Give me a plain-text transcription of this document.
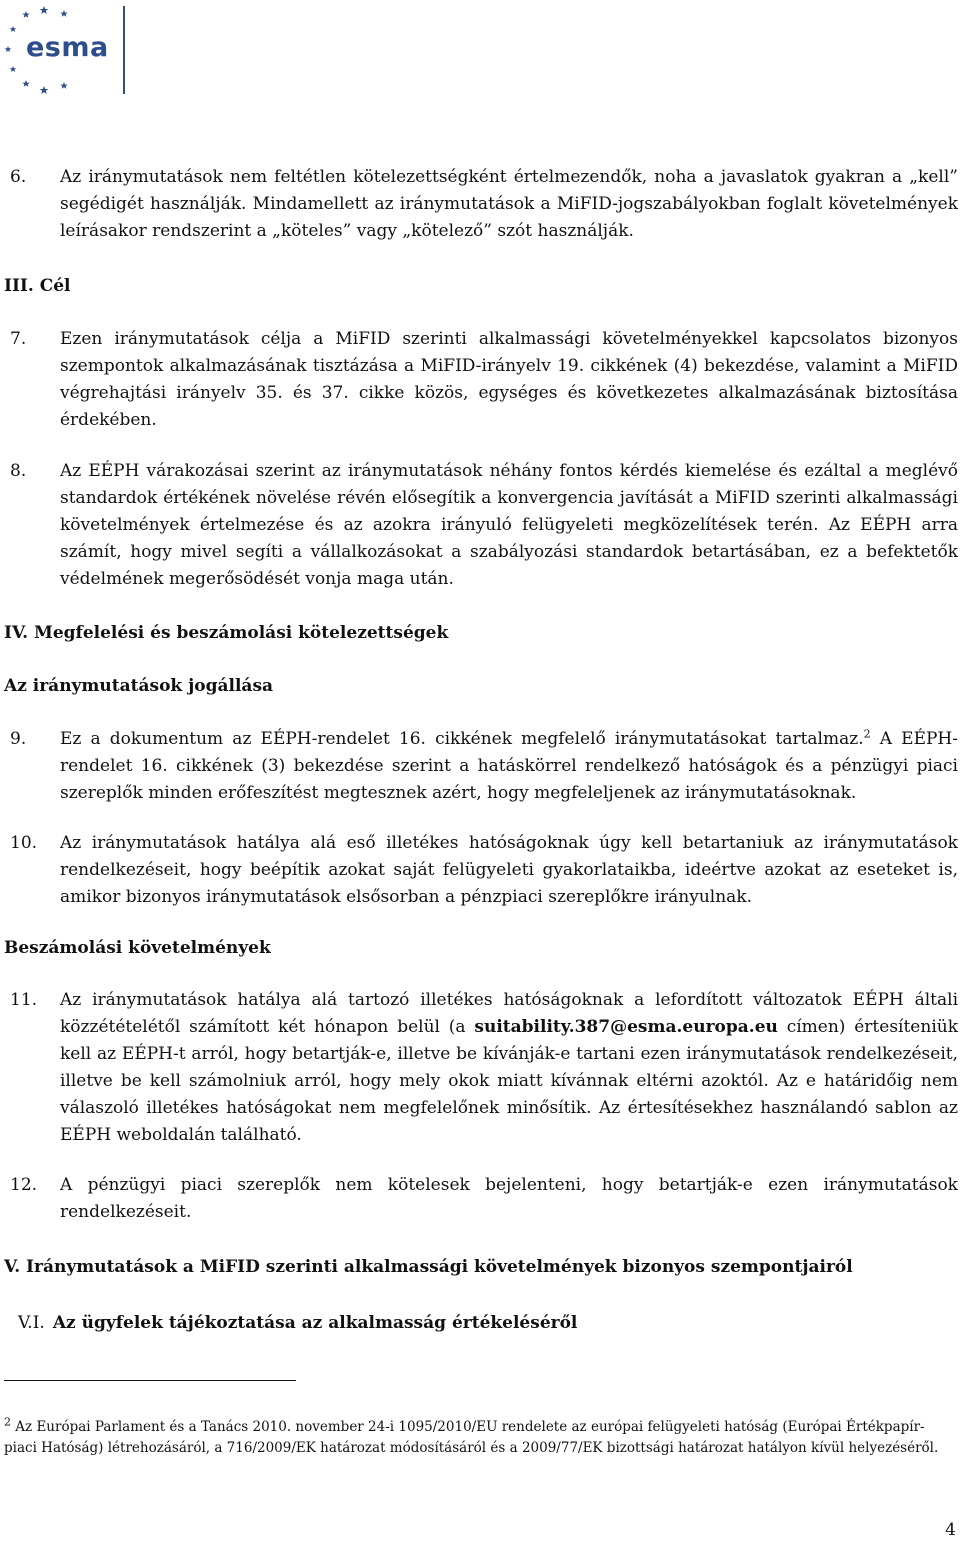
esma
6. Az iránymutatások nem feltétlen kötelezettségként értelmezendők, noha a javaslatok gyakran a „kell” segédigét használják. Mindamellett az iránymutatások a MiFID-jogszabályokban foglalt követelmények leírásakor rendszerint a „köteles” vagy „kötelező” szót használják.
III. Cél
7. Ezen iránymutatások célja a MiFID szerinti alkalmassági követelményekkel kapcsolatos bizonyos szempontok alkalmazásának tisztázása a MiFID-irányelv 19. cikkének (4) bekezdése, valamint a MiFID végrehajtási irányelv 35. és 37. cikke közös, egységes és következetes alkalmazásának biztosítása érdekében.
8. Az EÉPH várakozásai szerint az iránymutatások néhány fontos kérdés kiemelése és ezáltal a meglévő standardok értékének növelése révén elősegítik a konvergencia javítását a MiFID szerinti alkalmassági követelmények értelmezése és az azokra irányuló felügyeleti megközelítések terén. Az EÉPH arra számít, hogy mivel segíti a vállalkozásokat a szabályozási standardok betartásában, ez a befektetők védelmének megerősödését vonja maga után.
IV. Megfelelési és beszámolási kötelezettségek
Az iránymutatások jogállása
9. Ez a dokumentum az EÉPH-rendelet 16. cikkének megfelelő iránymutatásokat tartalmaz.$^2$ A EÉPH-rendelet 16. cikkének (3) bekezdése szerint a hatáskörrel rendelkező hatóságok és a pénzügyi piaci szereplők minden erőfeszítést megtesznek azért, hogy megfeleljenek az iránymutatásoknak.
10. Az iránymutatások hatálya alá eső illetékes hatóságoknak úgy kell betartaniuk az iránymutatások rendelkezéseit, hogy beépítik azokat saját felügyeleti gyakorlataikba, ideértve azokat az eseteket is, amikor bizonyos iránymutatások elsősorban a pénzpiaci szereplőkre irányulnak.
Beszámolási követelmények
11. Az iránymutatások hatálya alá tartozó illetékes hatóságoknak a lefordított változatok EÉPH általi közzétételétől számított két hónapon belül (a suitability.387@esma.europa.eu címen) értesíteniük kell az EÉPH-t arról, hogy betartják-e, illetve be kívánják-e tartani ezen iránymutatások rendelkezéseit, illetve be kell számolniuk arról, hogy mely okok miatt kívánnak eltérni azoktól. Az e határidőig nem válaszoló illetékes hatóságokat nem megfelelőnek minősítik. Az értesítésekhez használandó sablon az EÉPH weboldalán található.
12. A pénzügyi piaci szereplők nem kötelesek bejelenteni, hogy betartják-e ezen iránymutatások rendelkezéseit.
V. Iránymutatások a MiFID szerinti alkalmassági követelmények bizonyos szempontjairól
V.I. Az ügyfelek tájékoztatása az alkalmasság értékeléséről
$^2$ Az Európai Parlament és a Tanács 2010. november 24-i 1095/2010/EU rendelete az európai felügyeleti hatóság (Európai Értékpapír-piaci Hatóság) létrehozásáról, a 716/2009/EK határozat módosításáról és a 2009/77/EK bizottsági határozat hatályon kívül helyezéséről.
4
